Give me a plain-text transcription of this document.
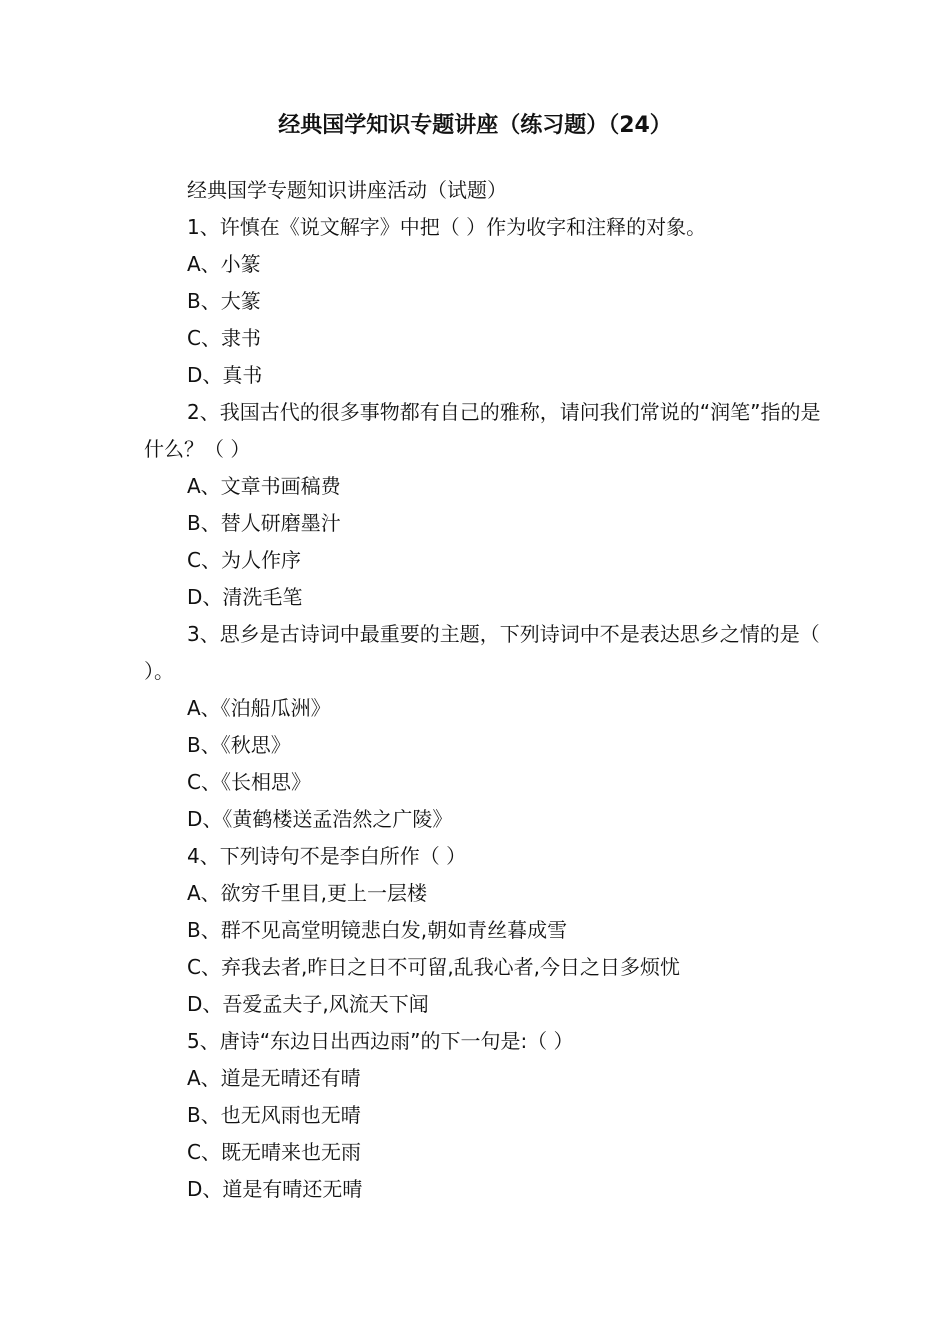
经典国学知识专题讲座（练习题）（24）
经典国学专题知识讲座活动（试题）
1、许慎在《说文解字》中把（ ）作为收字和注释的对象。
A、小篆
B、大篆
C、隶书
D、真书
2、我国古代的很多事物都有自己的雅称，请问我们常说的“润笔”指的是什么？（ ）
A、文章书画稿费
B、替人研磨墨汁
C、为人作序
D、清洗毛笔
3、思乡是古诗词中最重要的主题，下列诗词中不是表达思乡之情的是（ ）。
A、《泊船瓜洲》
B、《秋思》
C、《长相思》
D、《黄鹤楼送孟浩然之广陵》
4、下列诗句不是李白所作（ ）
A、欲穷千里目,更上一层楼
B、群不见高堂明镜悲白发,朝如青丝暮成雪
C、弃我去者,昨日之日不可留,乱我心者,今日之日多烦忧
D、吾爱孟夫子,风流天下闻
5、唐诗“东边日出西边雨”的下一句是:（ ）
A、道是无晴还有晴
B、也无风雨也无晴
C、既无晴来也无雨
D、道是有晴还无晴
